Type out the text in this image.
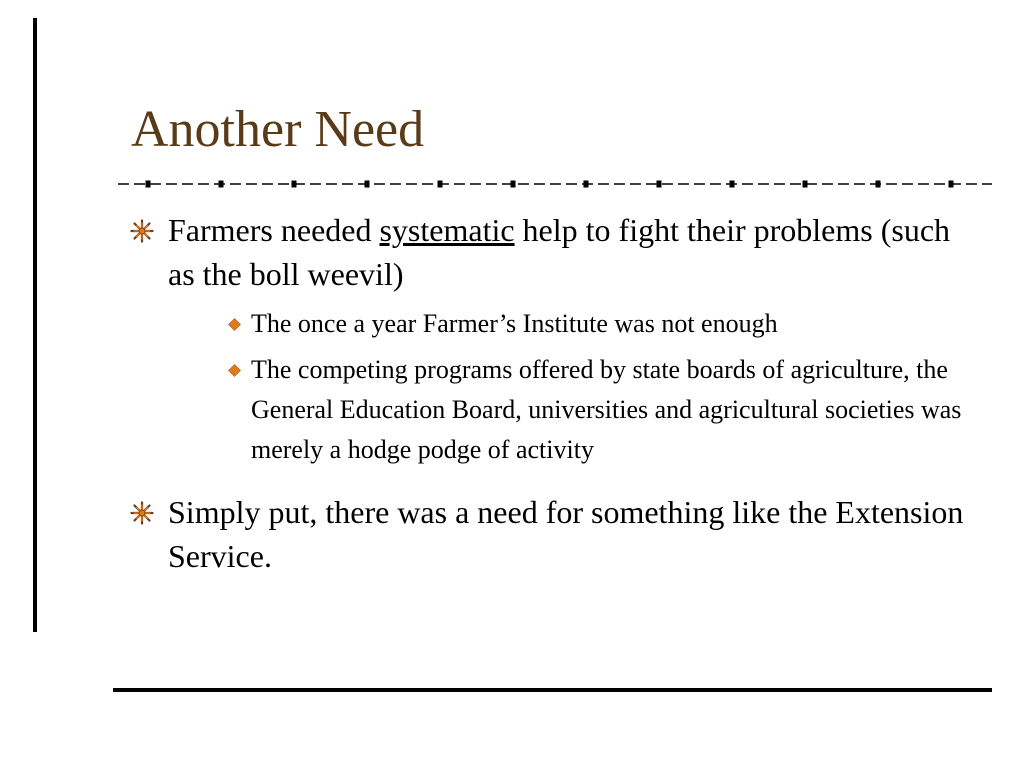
Another Need
Farmers needed systematic help to fight their problems (such as the boll weevil)
The once a year Farmer’s Institute was not enough
The competing programs offered by state boards of agriculture, the General Education Board, universities and agricultural societies was merely a hodge podge of activity
Simply put, there was a need for something like the Extension Service.
